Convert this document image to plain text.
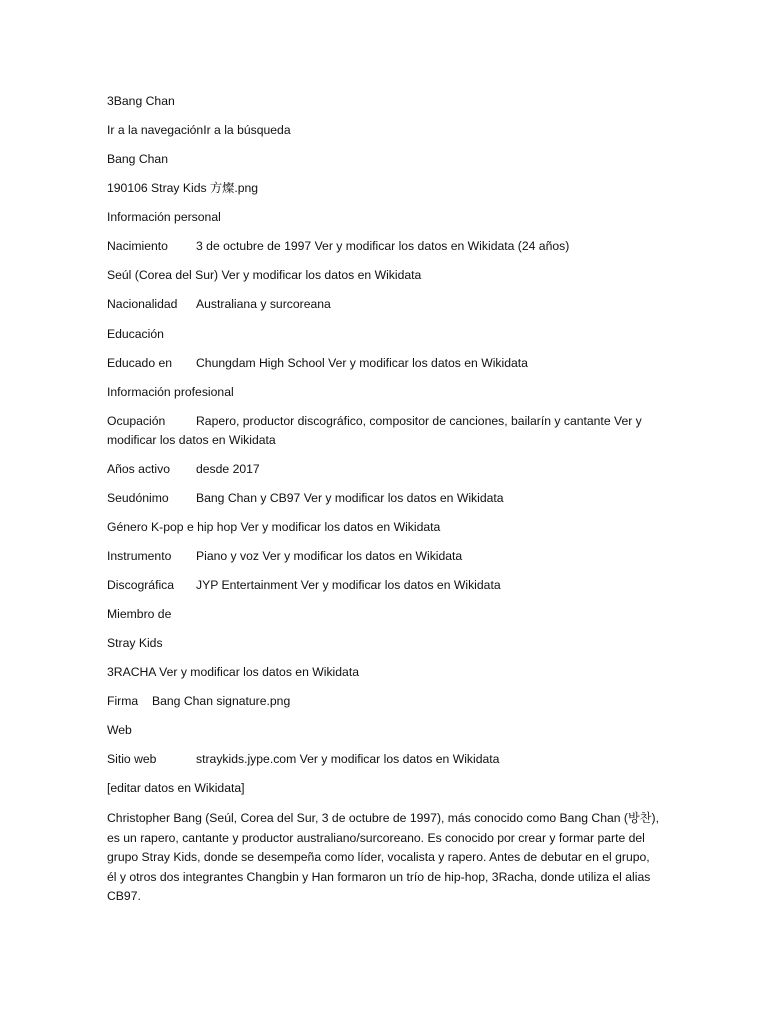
3Bang Chan
Ir a la navegaciónIr a la búsqueda
Bang Chan
190106 Stray Kids 方燦.png
Información personal
Nacimiento 3 de octubre de 1997 Ver y modificar los datos en Wikidata (24 años)
Seúl (Corea del Sur) Ver y modificar los datos en Wikidata
Nacionalidad Australiana y surcoreana
Educación
Educado en Chungdam High School Ver y modificar los datos en Wikidata
Información profesional
Ocupación	Rapero, productor discográfico, compositor de canciones, bailarín y cantante Ver y
modificar los datos en Wikidata
Años activo desde 2017
Seudónimo Bang Chan y CB97 Ver y modificar los datos en Wikidata
Género K-pop e hip hop Ver y modificar los datos en Wikidata
Instrumento Piano y voz Ver y modificar los datos en Wikidata
Discográfica JYP Entertainment Ver y modificar los datos en Wikidata
Miembro de
Stray Kids
3RACHA Ver y modificar los datos en Wikidata
Firma Bang Chan signature.png
Web
Sitio web	straykids.jype.com Ver y modificar los datos en Wikidata
[editar datos en Wikidata]
Christopher Bang (Seúl, Corea del Sur, 3 de octubre de 1997), más conocido como Bang Chan (방찬), es un rapero, cantante y productor australiano/surcoreano. Es conocido por crear y formar parte del grupo Stray Kids, donde se desempeña como líder, vocalista y rapero. Antes de debutar en el grupo, él y otros dos integrantes Changbin y Han formaron un trío de hip-hop, 3Racha, donde utiliza el alias CB97.
